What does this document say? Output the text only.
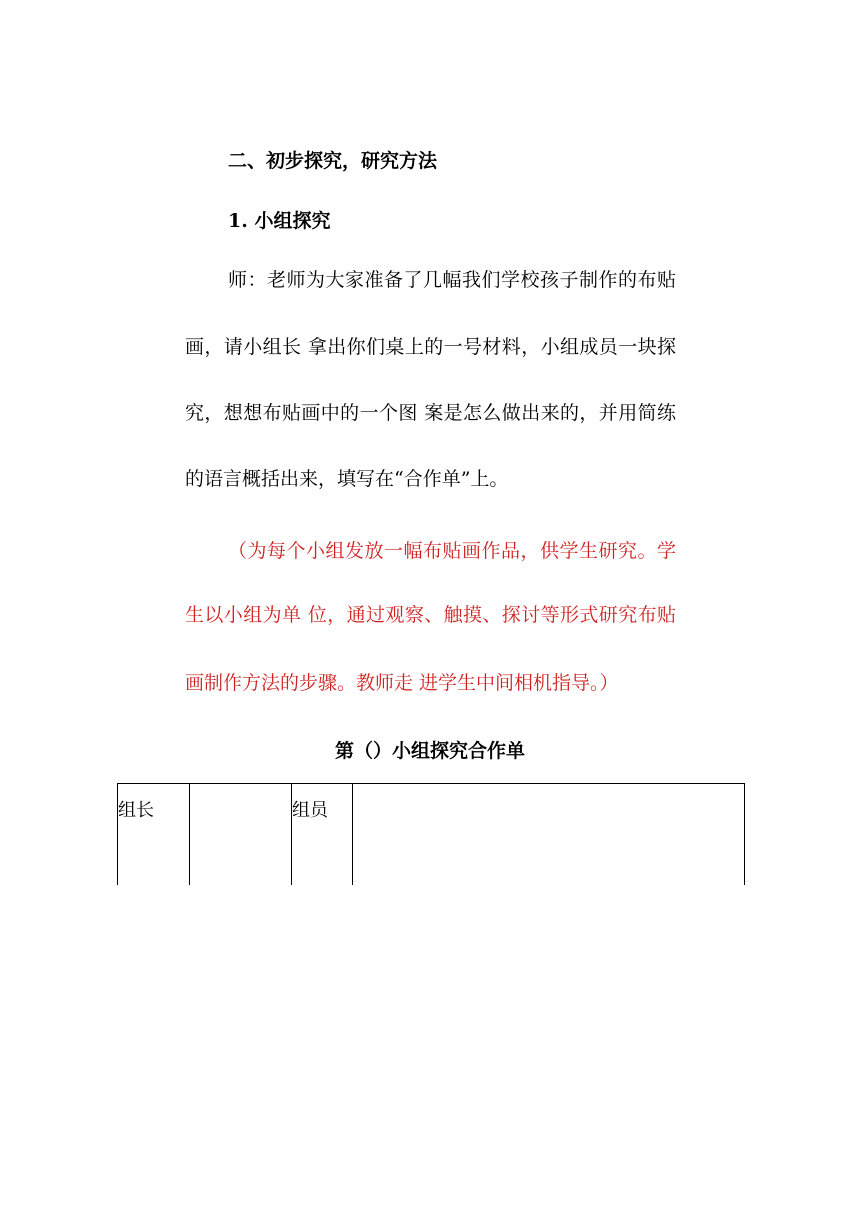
二、初步探究，研究方法

1. 小组探究

师：老师为大家准备了几幅我们学校孩子制作的布贴

画，请小组长 拿出你们桌上的一号材料，小组成员一块探

究，想想布贴画中的一个图 案是怎么做出来的，并用简练

的语言概括出来，填写在“合作单”上。

（为每个小组发放一幅布贴画作品，供学生研究。学

生以小组为单 位，通过观察、触摸、探讨等形式研究布贴

画制作方法的步骤。教师走 进学生中间相机指导。）

第（）小组探究合作单

组长		组员	
